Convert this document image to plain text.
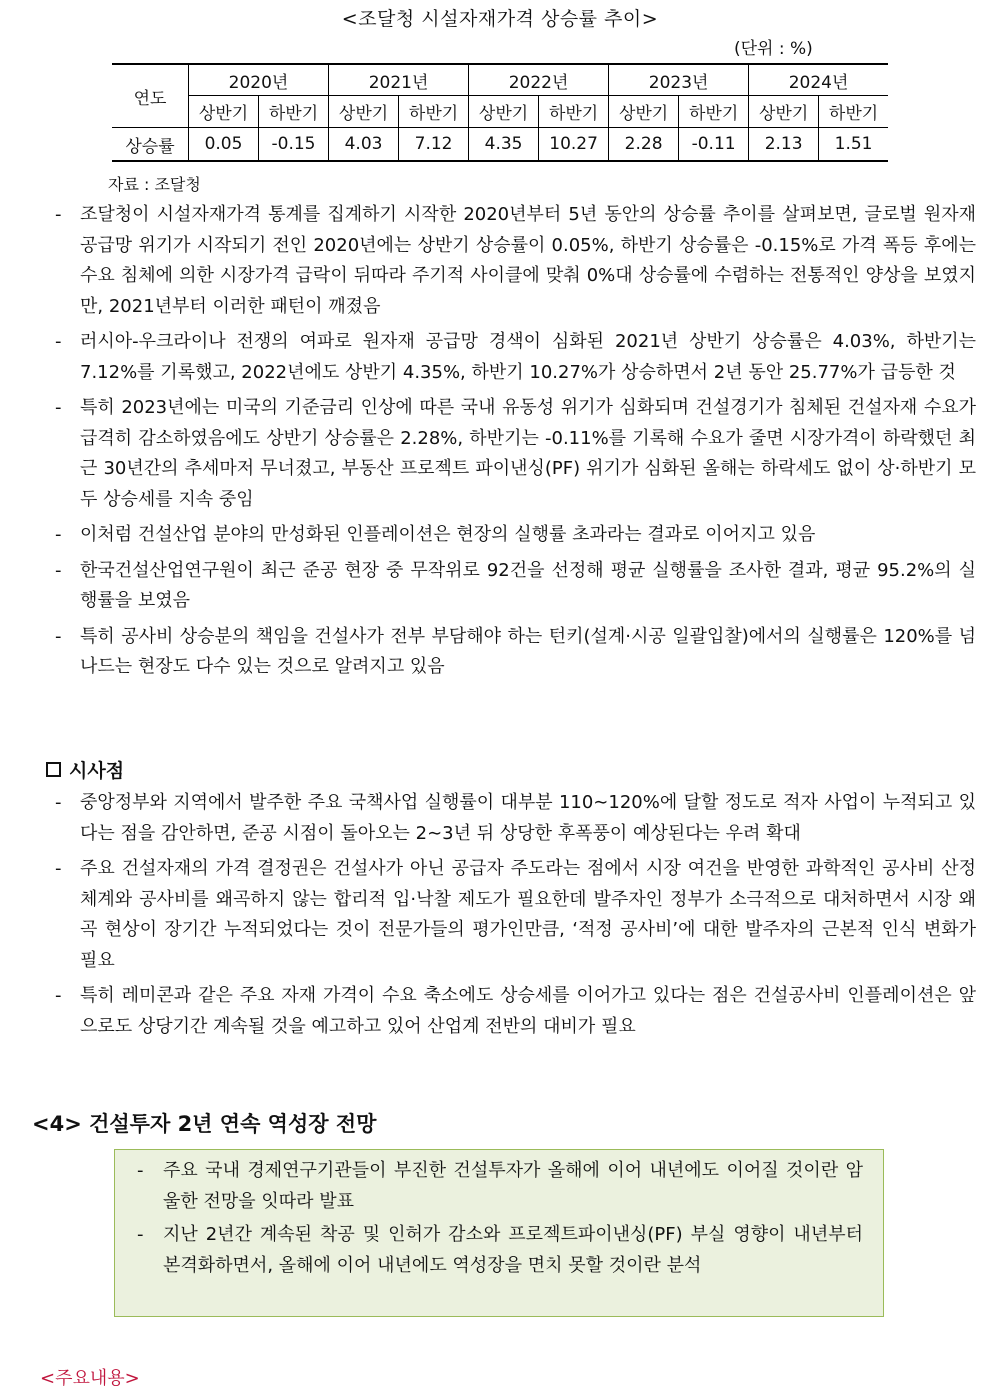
<조달청 시설자재가격 상승률 추이>
(단위 : %)
연도	2020년		2021년		2022년		2023년		2024년	
	상반기	하반기	상반기	하반기	상반기	하반기	상반기	하반기	상반기	하반기
상승률	0.05	-0.15	4.03	7.12	4.35	10.27	2.28	-0.11	2.13	1.51
자료 : 조달청
- 조달청이 시설자재가격 통계를 집계하기 시작한 2020년부터 5년 동안의 상승률 추이를 살펴보면, 글로벌 원자재 공급망 위기가 시작되기 전인 2020년에는 상반기 상승률이 0.05%, 하반기 상승률은 -0.15%로 가격 폭등 후에는 수요 침체에 의한 시장가격 급락이 뒤따라 주기적 사이클에 맞춰 0%대 상승률에 수렴하는 전통적인 양상을 보였지만, 2021년부터 이러한 패턴이 깨졌음
- 러시아-우크라이나 전쟁의 여파로 원자재 공급망 경색이 심화된 2021년 상반기 상승률은 4.03%, 하반기는 7.12%를 기록했고, 2022년에도 상반기 4.35%, 하반기 10.27%가 상승하면서 2년 동안 25.77%가 급등한 것
- 특히 2023년에는 미국의 기준금리 인상에 따른 국내 유동성 위기가 심화되며 건설경기가 침체된 건설자재 수요가 급격히 감소하였음에도 상반기 상승률은 2.28%, 하반기는 -0.11%를 기록해 수요가 줄면 시장가격이 하락했던 최근 30년간의 추세마저 무너졌고, 부동산 프로젝트 파이낸싱(PF) 위기가 심화된 올해는 하락세도 없이 상·하반기 모두 상승세를 지속 중임
- 이처럼 건설산업 분야의 만성화된 인플레이션은 현장의 실행률 초과라는 결과로 이어지고 있음
- 한국건설산업연구원이 최근 준공 현장 중 무작위로 92건을 선정해 평균 실행률을 조사한 결과, 평균 95.2%의 실행률을 보였음
- 특히 공사비 상승분의 책임을 건설사가 전부 부담해야 하는 턴키(설계·시공 일괄입찰)에서의 실행률은 120%를 넘나드는 현장도 다수 있는 것으로 알려지고 있음
시사점
- 중앙정부와 지역에서 발주한 주요 국책사업 실행률이 대부분 110∼120%에 달할 정도로 적자 사업이 누적되고 있다는 점을 감안하면, 준공 시점이 돌아오는 2∼3년 뒤 상당한 후폭풍이 예상된다는 우려 확대
- 주요 건설자재의 가격 결정권은 건설사가 아닌 공급자 주도라는 점에서 시장 여건을 반영한 과학적인 공사비 산정 체계와 공사비를 왜곡하지 않는 합리적 입·낙찰 제도가 필요한데 발주자인 정부가 소극적으로 대처하면서 시장 왜곡 현상이 장기간 누적되었다는 것이 전문가들의 평가인만큼, ‘적정 공사비’에 대한 발주자의 근본적 인식 변화가 필요
- 특히 레미콘과 같은 주요 자재 가격이 수요 축소에도 상승세를 이어가고 있다는 점은 건설공사비 인플레이션은 앞으로도 상당기간 계속될 것을 예고하고 있어 산업계 전반의 대비가 필요
<4> 건설투자 2년 연속 역성장 전망
- 주요 국내 경제연구기관들이 부진한 건설투자가 올해에 이어 내년에도 이어질 것이란 암울한 전망을 잇따라 발표
- 지난 2년간 계속된 착공 및 인허가 감소와 프로젝트파이낸싱(PF) 부실 영향이 내년부터 본격화하면서, 올해에 이어 내년에도 역성장을 면치 못할 것이란 분석
<주요내용>
